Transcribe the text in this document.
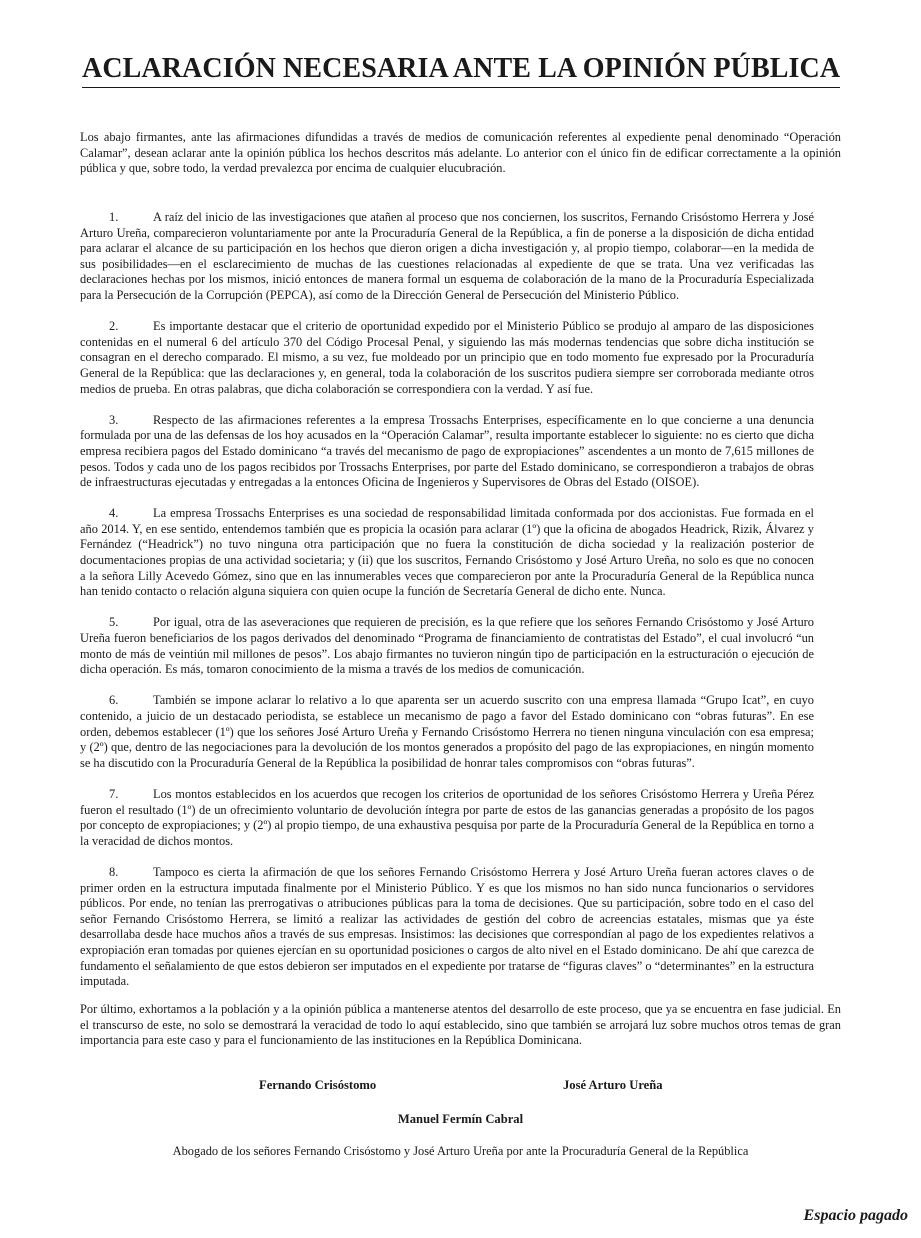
ACLARACIÓN NECESARIA ANTE LA OPINIÓN PÚBLICA

Los abajo firmantes, ante las afirmaciones difundidas a través de medios de comunicación referentes al expediente penal denominado “Operación Calamar”, desean aclarar ante la opinión pública los hechos descritos más adelante. Lo anterior con el único fin de edificar correctamente a la opinión pública y que, sobre todo, la verdad prevalezca por encima de cualquier elucubración.

1.	A raíz del inicio de las investigaciones que atañen al proceso que nos conciernen, los suscritos, Fernando Crisóstomo Herrera y José Arturo Ureña, comparecieron voluntariamente por ante la Procuraduría General de la República, a fin de ponerse a la disposición de dicha entidad para aclarar el alcance de su participación en los hechos que dieron origen a dicha investigación y, al propio tiempo, colaborar—en la medida de sus posibilidades—en el esclarecimiento de muchas de las cuestiones relacionadas al expediente de que se trata. Una vez verificadas las declaraciones hechas por los mismos, inició entonces de manera formal un esquema de colaboración de la mano de la Procuraduría Especializada para la Persecución de la Corrupción (PEPCA), así como de la Dirección General de Persecución del Ministerio Público.

2.	Es importante destacar que el criterio de oportunidad expedido por el Ministerio Público se produjo al amparo de las disposiciones contenidas en el numeral 6 del artículo 370 del Código Procesal Penal, y siguiendo las más modernas tendencias que sobre dicha institución se consagran en el derecho comparado. El mismo, a su vez, fue moldeado por un principio que en todo momento fue expresado por la Procuraduría General de la República: que las declaraciones y, en general, toda la colaboración de los suscritos pudiera siempre ser corroborada mediante otros medios de prueba. En otras palabras, que dicha colaboración se correspondiera con la verdad. Y así fue.

3.	Respecto de las afirmaciones referentes a la empresa Trossachs Enterprises, específicamente en lo que concierne a una denuncia formulada por una de las defensas de los hoy acusados en la “Operación Calamar”, resulta importante establecer lo siguiente: no es cierto que dicha empresa recibiera pagos del Estado dominicano “a través del mecanismo de pago de expropiaciones” ascendentes a un monto de 7,615 millones de pesos. Todos y cada uno de los pagos recibidos por Trossachs Enterprises, por parte del Estado dominicano, se correspondieron a trabajos de obras de infraestructuras ejecutadas y entregadas a la entonces Oficina de Ingenieros y Supervisores de Obras del Estado (OISOE).

4.	La empresa Trossachs Enterprises es una sociedad de responsabilidad limitada conformada por dos accionistas. Fue formada en el año 2014. Y, en ese sentido, entendemos también que es propicia la ocasión para aclarar (1º) que la oficina de abogados Headrick, Rizik, Álvarez y Fernández (“Headrick”) no tuvo ninguna otra participación que no fuera la constitución de dicha sociedad y la realización posterior de documentaciones propias de una actividad societaria; y (ii) que los suscritos, Fernando Crisóstomo y José Arturo Ureña, no solo es que no conocen a la señora Lilly Acevedo Gómez, sino que en las innumerables veces que comparecieron por ante la Procuraduría General de la República nunca han tenido contacto o relación alguna siquiera con quien ocupe la función de Secretaría General de dicho ente. Nunca.

5.	Por igual, otra de las aseveraciones que requieren de precisión, es la que refiere que los señores Fernando Crisóstomo y José Arturo Ureña fueron beneficiarios de los pagos derivados del denominado “Programa de financiamiento de contratistas del Estado”, el cual involucró “un monto de más de veintiún mil millones de pesos”. Los abajo firmantes no tuvieron ningún tipo de participación en la estructuración o ejecución de dicha operación. Es más, tomaron conocimiento de la misma a través de los medios de comunicación.

6.	También se impone aclarar lo relativo a lo que aparenta ser un acuerdo suscrito con una empresa llamada “Grupo Icat”, en cuyo contenido, a juicio de un destacado periodista, se establece un mecanismo de pago a favor del Estado dominicano con “obras futuras”. En ese orden, debemos establecer (1º) que los señores José Arturo Ureña y Fernando Crisóstomo Herrera no tienen ninguna vinculación con esa empresa; y (2º) que, dentro de las negociaciones para la devolución de los montos generados a propósito del pago de las expropiaciones, en ningún momento se ha discutido con la Procuraduría General de la República la posibilidad de honrar tales compromisos con “obras futuras”.

7.	Los montos establecidos en los acuerdos que recogen los criterios de oportunidad de los señores Crisóstomo Herrera y Ureña Pérez fueron el resultado (1º) de un ofrecimiento voluntario de devolución íntegra por parte de estos de las ganancias generadas a propósito de los pagos por concepto de expropiaciones; y (2º) al propio tiempo, de una exhaustiva pesquisa por parte de la Procuraduría General de la República en torno a la veracidad de dichos montos.

8.	Tampoco es cierta la afirmación de que los señores Fernando Crisóstomo Herrera y José Arturo Ureña fueran actores claves o de primer orden en la estructura imputada finalmente por el Ministerio Público. Y es que los mismos no han sido nunca funcionarios o servidores públicos. Por ende, no tenían las prerrogativas o atribuciones públicas para la toma de decisiones. Que su participación, sobre todo en el caso del señor Fernando Crisóstomo Herrera, se limitó a realizar las actividades de gestión del cobro de acreencias estatales, mismas que ya éste desarrollaba desde hace muchos años a través de sus empresas. Insistimos: las decisiones que correspondían al pago de los expedientes relativos a expropiación eran tomadas por quienes ejercían en su oportunidad posiciones o cargos de alto nivel en el Estado dominicano. De ahí que carezca de fundamento el señalamiento de que estos debieron ser imputados en el expediente por tratarse de “figuras claves” o “determinantes” en la estructura imputada.

Por último, exhortamos a la población y a la opinión pública a mantenerse atentos del desarrollo de este proceso, que ya se encuentra en fase judicial. En el transcurso de este, no solo se demostrará la veracidad de todo lo aquí establecido, sino que también se arrojará luz sobre muchos otros temas de gran importancia para este caso y para el funcionamiento de las instituciones en la República Dominicana.

Fernando Crisóstomo	José Arturo Ureña
Manuel Fermín Cabral
Abogado de los señores Fernando Crisóstomo y José Arturo Ureña por ante la Procuraduría General de la República
Espacio pagado
